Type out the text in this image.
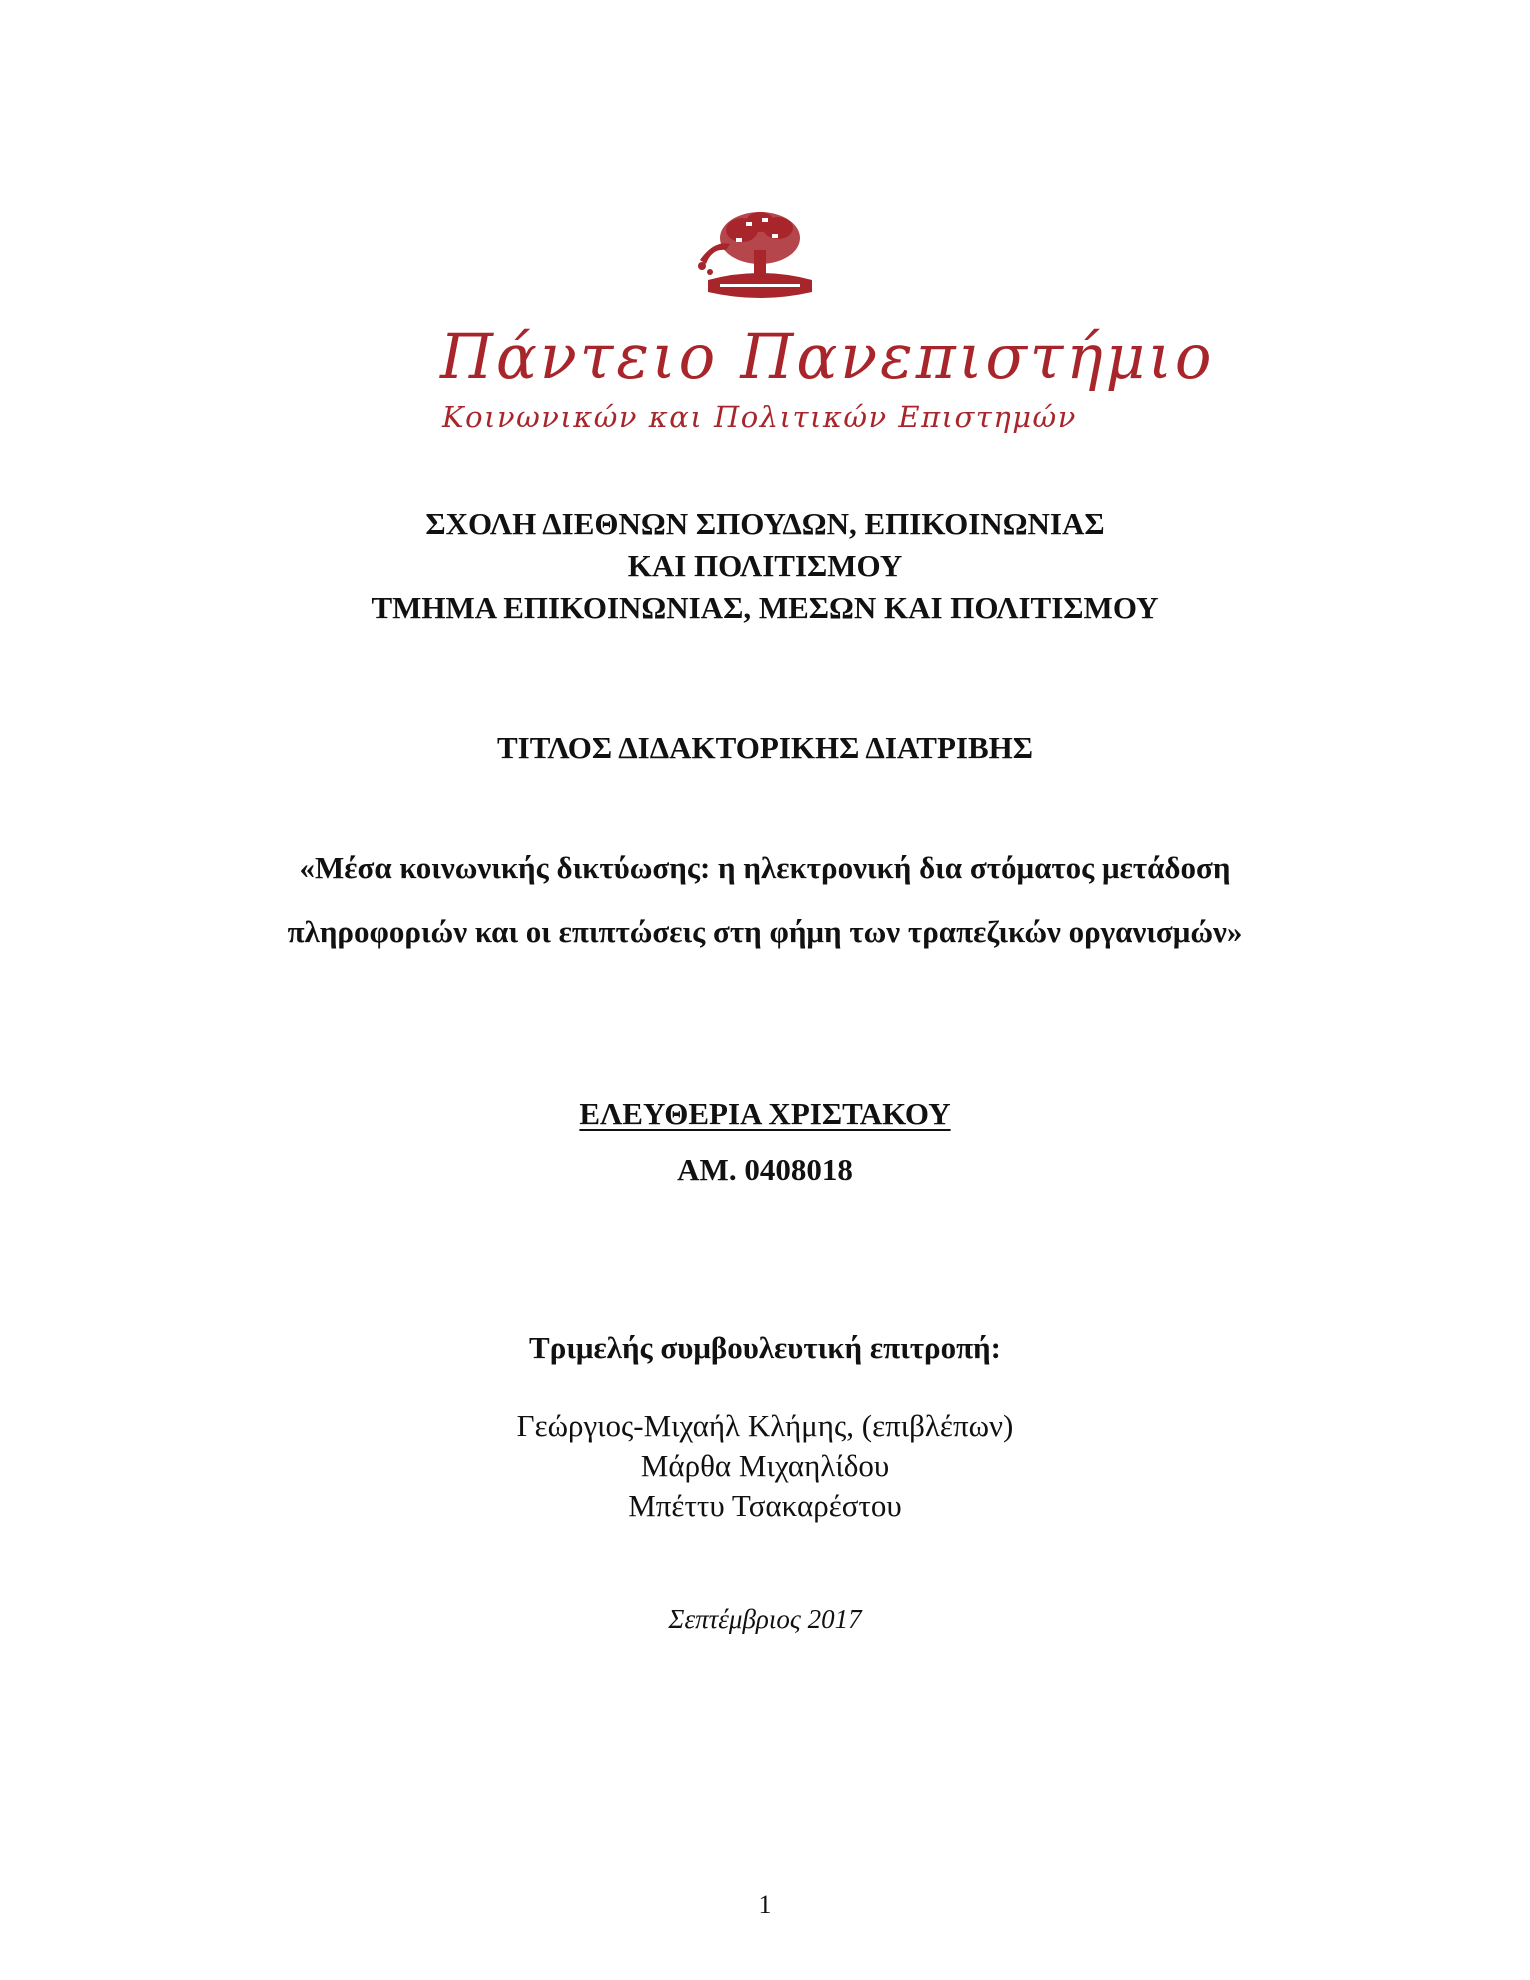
Πάντειο Πανεπιστήμιο
Κοινωνικών και Πολιτικών Επιστημών
ΣΧΟΛΗ ΔΙΕΘΝΩΝ ΣΠΟΥΔΩΝ, ΕΠΙΚΟΙΝΩΝΙΑΣ
ΚΑΙ ΠΟΛΙΤΙΣΜΟΥ
ΤΜΗΜΑ ΕΠΙΚΟΙΝΩΝΙΑΣ, ΜΕΣΩΝ ΚΑΙ ΠΟΛΙΤΙΣΜΟΥ
ΤΙΤΛΟΣ ΔΙΔΑΚΤΟΡΙΚΗΣ ΔΙΑΤΡΙΒΗΣ
«Μέσα κοινωνικής δικτύωσης: η ηλεκτρονική δια στόματος μετάδοση
πληροφοριών και οι επιπτώσεις στη φήμη των τραπεζικών οργανισμών»
ΕΛΕΥΘΕΡΙΑ ΧΡΙΣΤΑΚΟΥ
ΑΜ. 0408018
Τριμελής συμβουλευτική επιτροπή:
Γεώργιος-Μιχαήλ Κλήμης, (επιβλέπων)
Μάρθα Μιχαηλίδου
Μπέττυ Τσακαρέστου
Σεπτέμβριος 2017
1
